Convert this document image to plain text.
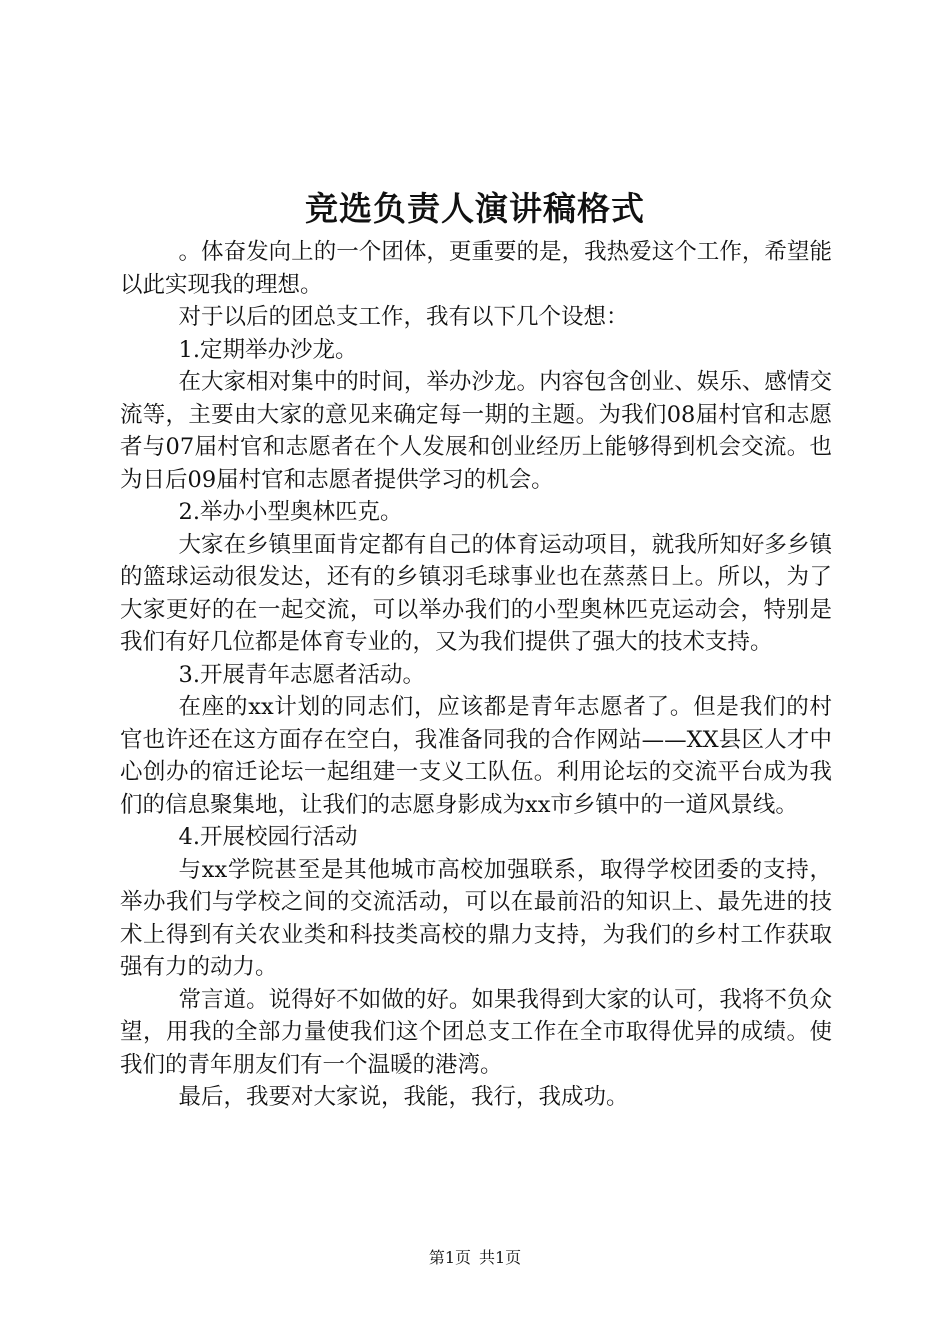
竞选负责人演讲稿格式

。体奋发向上的一个团体，更重要的是，我热爱这个工作，希望能以此实现我的理想。

对于以后的团总支工作，我有以下几个设想：

1.定期举办沙龙。

在大家相对集中的时间，举办沙龙。内容包含创业、娱乐、感情交流等，主要由大家的意见来确定每一期的主题。为我们08届村官和志愿者与07届村官和志愿者在个人发展和创业经历上能够得到机会交流。也为日后09届村官和志愿者提供学习的机会。

2.举办小型奥林匹克。

大家在乡镇里面肯定都有自己的体育运动项目，就我所知好多乡镇的篮球运动很发达，还有的乡镇羽毛球事业也在蒸蒸日上。所以，为了大家更好的在一起交流，可以举办我们的小型奥林匹克运动会，特别是我们有好几位都是体育专业的，又为我们提供了强大的技术支持。

3.开展青年志愿者活动。

在座的xx计划的同志们，应该都是青年志愿者了。但是我们的村官也许还在这方面存在空白，我准备同我的合作网站——XX县区人才中心创办的宿迁论坛一起组建一支义工队伍。利用论坛的交流平台成为我们的信息聚集地，让我们的志愿身影成为xx市乡镇中的一道风景线。

4.开展校园行活动

与xx学院甚至是其他城市高校加强联系，取得学校团委的支持，举办我们与学校之间的交流活动，可以在最前沿的知识上、最先进的技术上得到有关农业类和科技类高校的鼎力支持，为我们的乡村工作获取强有力的动力。

常言道。说得好不如做的好。如果我得到大家的认可，我将不负众望，用我的全部力量使我们这个团总支工作在全市取得优异的成绩。使我们的青年朋友们有一个温暖的港湾。

最后，我要对大家说，我能，我行，我成功。

第1页 共1页
